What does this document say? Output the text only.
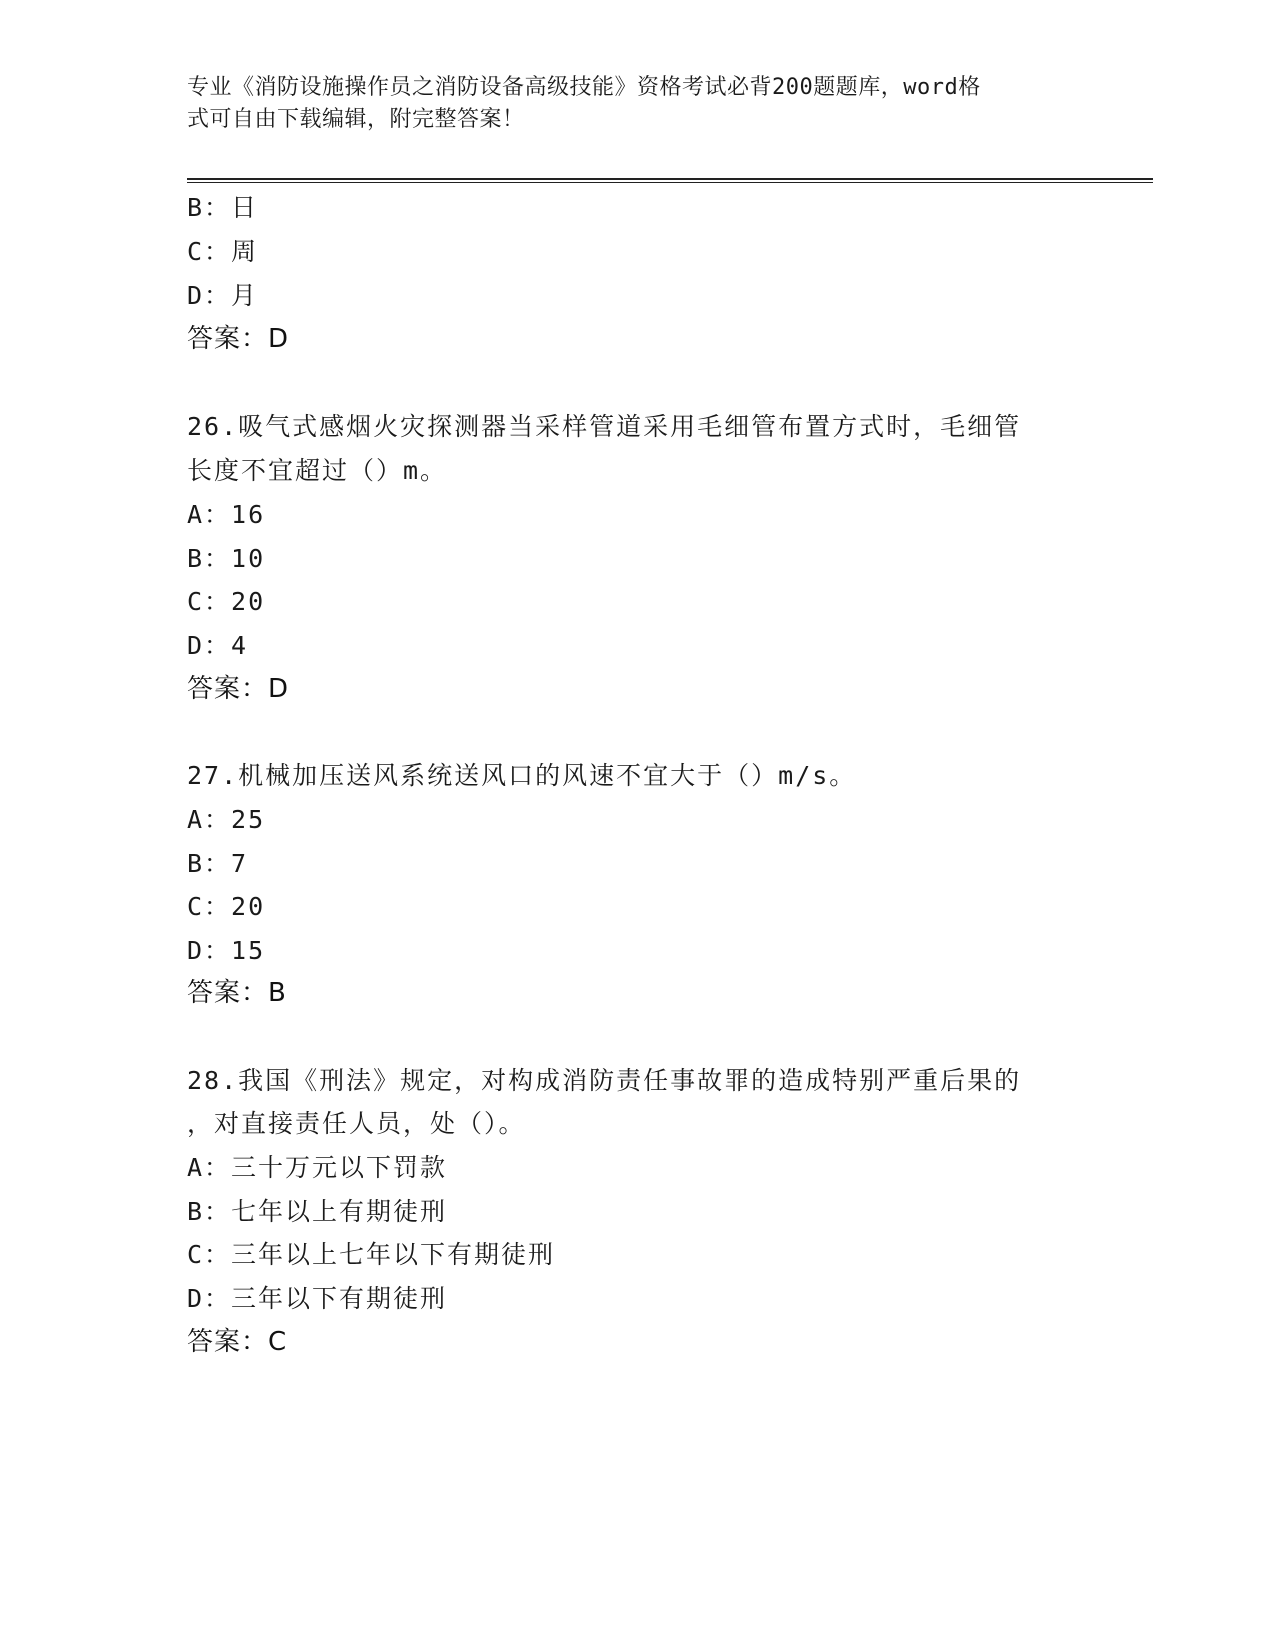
专业《消防设施操作员之消防设备高级技能》资格考试必背200题题库，word格
式可自由下载编辑，附完整答案！
B：日
C：周
D：月
答案：D
26.吸气式感烟火灾探测器当采样管道采用毛细管布置方式时，毛细管
长度不宜超过（）m。
A：16
B：10
C：20
D：4
答案：D
27.机械加压送风系统送风口的风速不宜大于（）m/s。
A：25
B：7
C：20
D：15
答案：B
28.我国《刑法》规定，对构成消防责任事故罪的造成特别严重后果的
，对直接责任人员，处（）。
A：三十万元以下罚款
B：七年以上有期徒刑
C：三年以上七年以下有期徒刑
D：三年以下有期徒刑
答案：C
